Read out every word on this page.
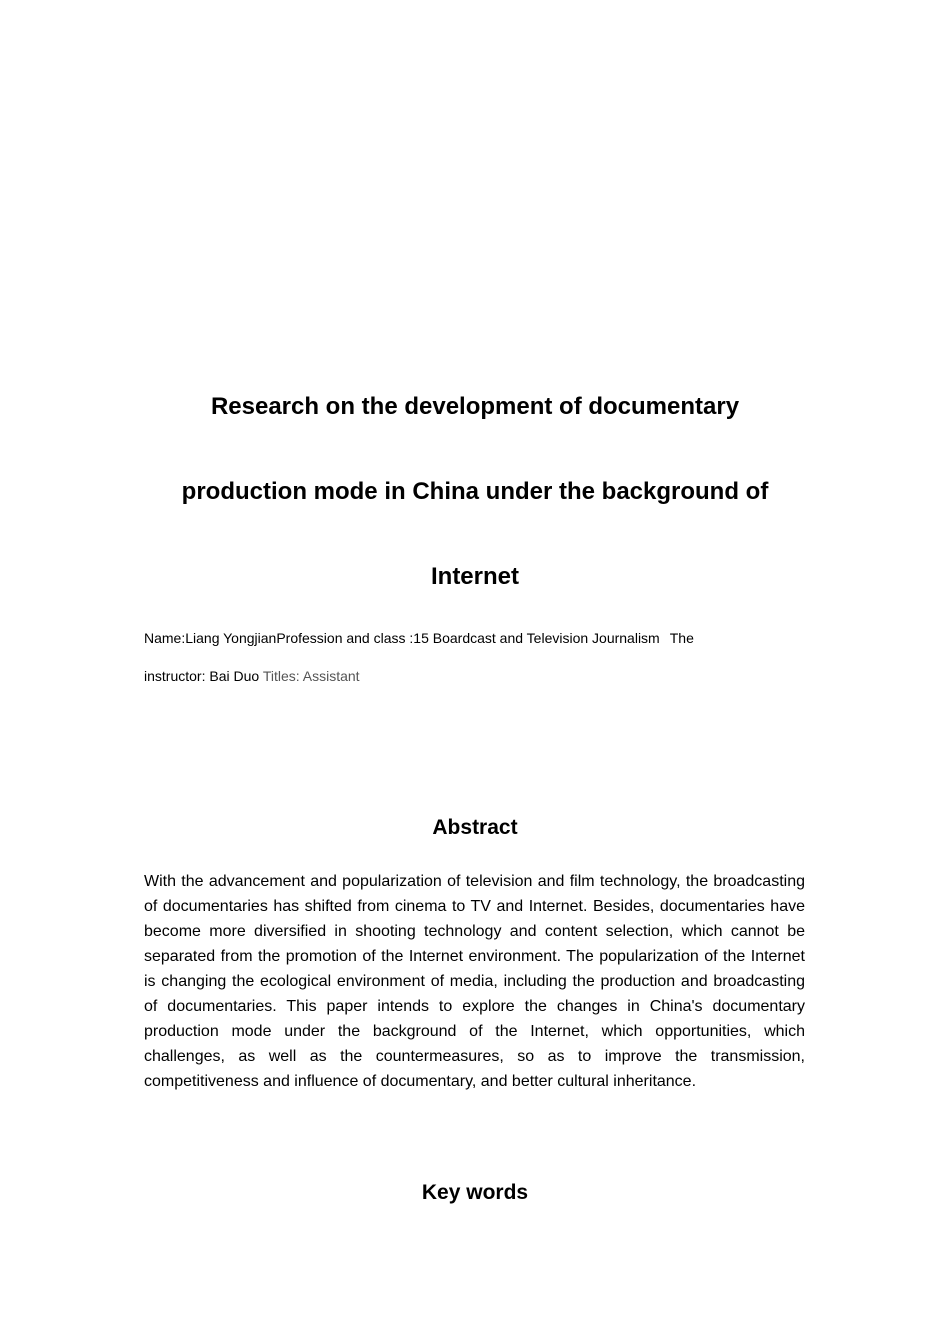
Research on the development of documentary
production mode in China under the background of
Internet
Name:Liang YongjianProfession and class :15 Boardcast and Television Journalism The
instructor: Bai Duo Titles: Assistant
Abstract
With the advancement and popularization of television and film technology, the broadcasting of documentaries has shifted from cinema to TV and Internet. Besides, documentaries have become more diversified in shooting technology and content selection, which cannot be separated from the promotion of the Internet environment. The popularization of the Internet is changing the ecological environment of media, including the production and broadcasting of documentaries. This paper intends to explore the changes in China's documentary production mode under the background of the Internet, which opportunities, which challenges, as well as the countermeasures, so as to improve the transmission, competitiveness and influence of documentary, and better cultural inheritance.
Key words
